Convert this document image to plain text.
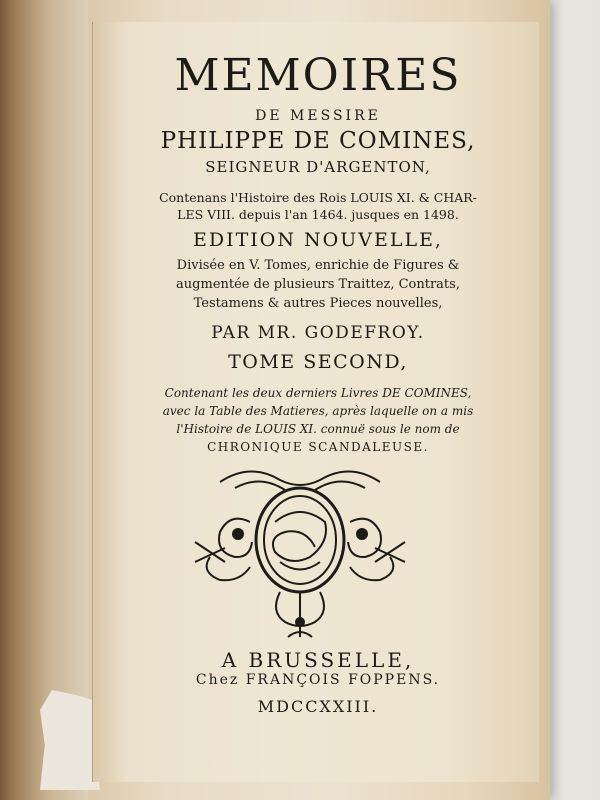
MEMOIRES
DE MESSIRE
PHILIPPE DE COMINES,
SEIGNEUR D'ARGENTON,
Contenans l'Histoire des Rois LOUIS XI. & CHAR-
LES VIII. depuis l'an 1464. jusques en 1498.
EDITION NOUVELLE,
Divisée en V. Tomes, enrichie de Figures &
augmentée de plusieurs Traittez, Contrats,
Testamens & autres Pieces nouvelles,
PAR MR. GODEFROY.
TOME SECOND,
Contenant les deux derniers Livres DE COMINES,
avec la Table des Matieres, après laquelle on a mis
l'Histoire de LOUIS XI. connuë sous le nom de
CHRONIQUE SCANDALEUSE.
A BRUSSELLE,
Chez FRANÇOIS FOPPENS.
MDCCXXIII.
